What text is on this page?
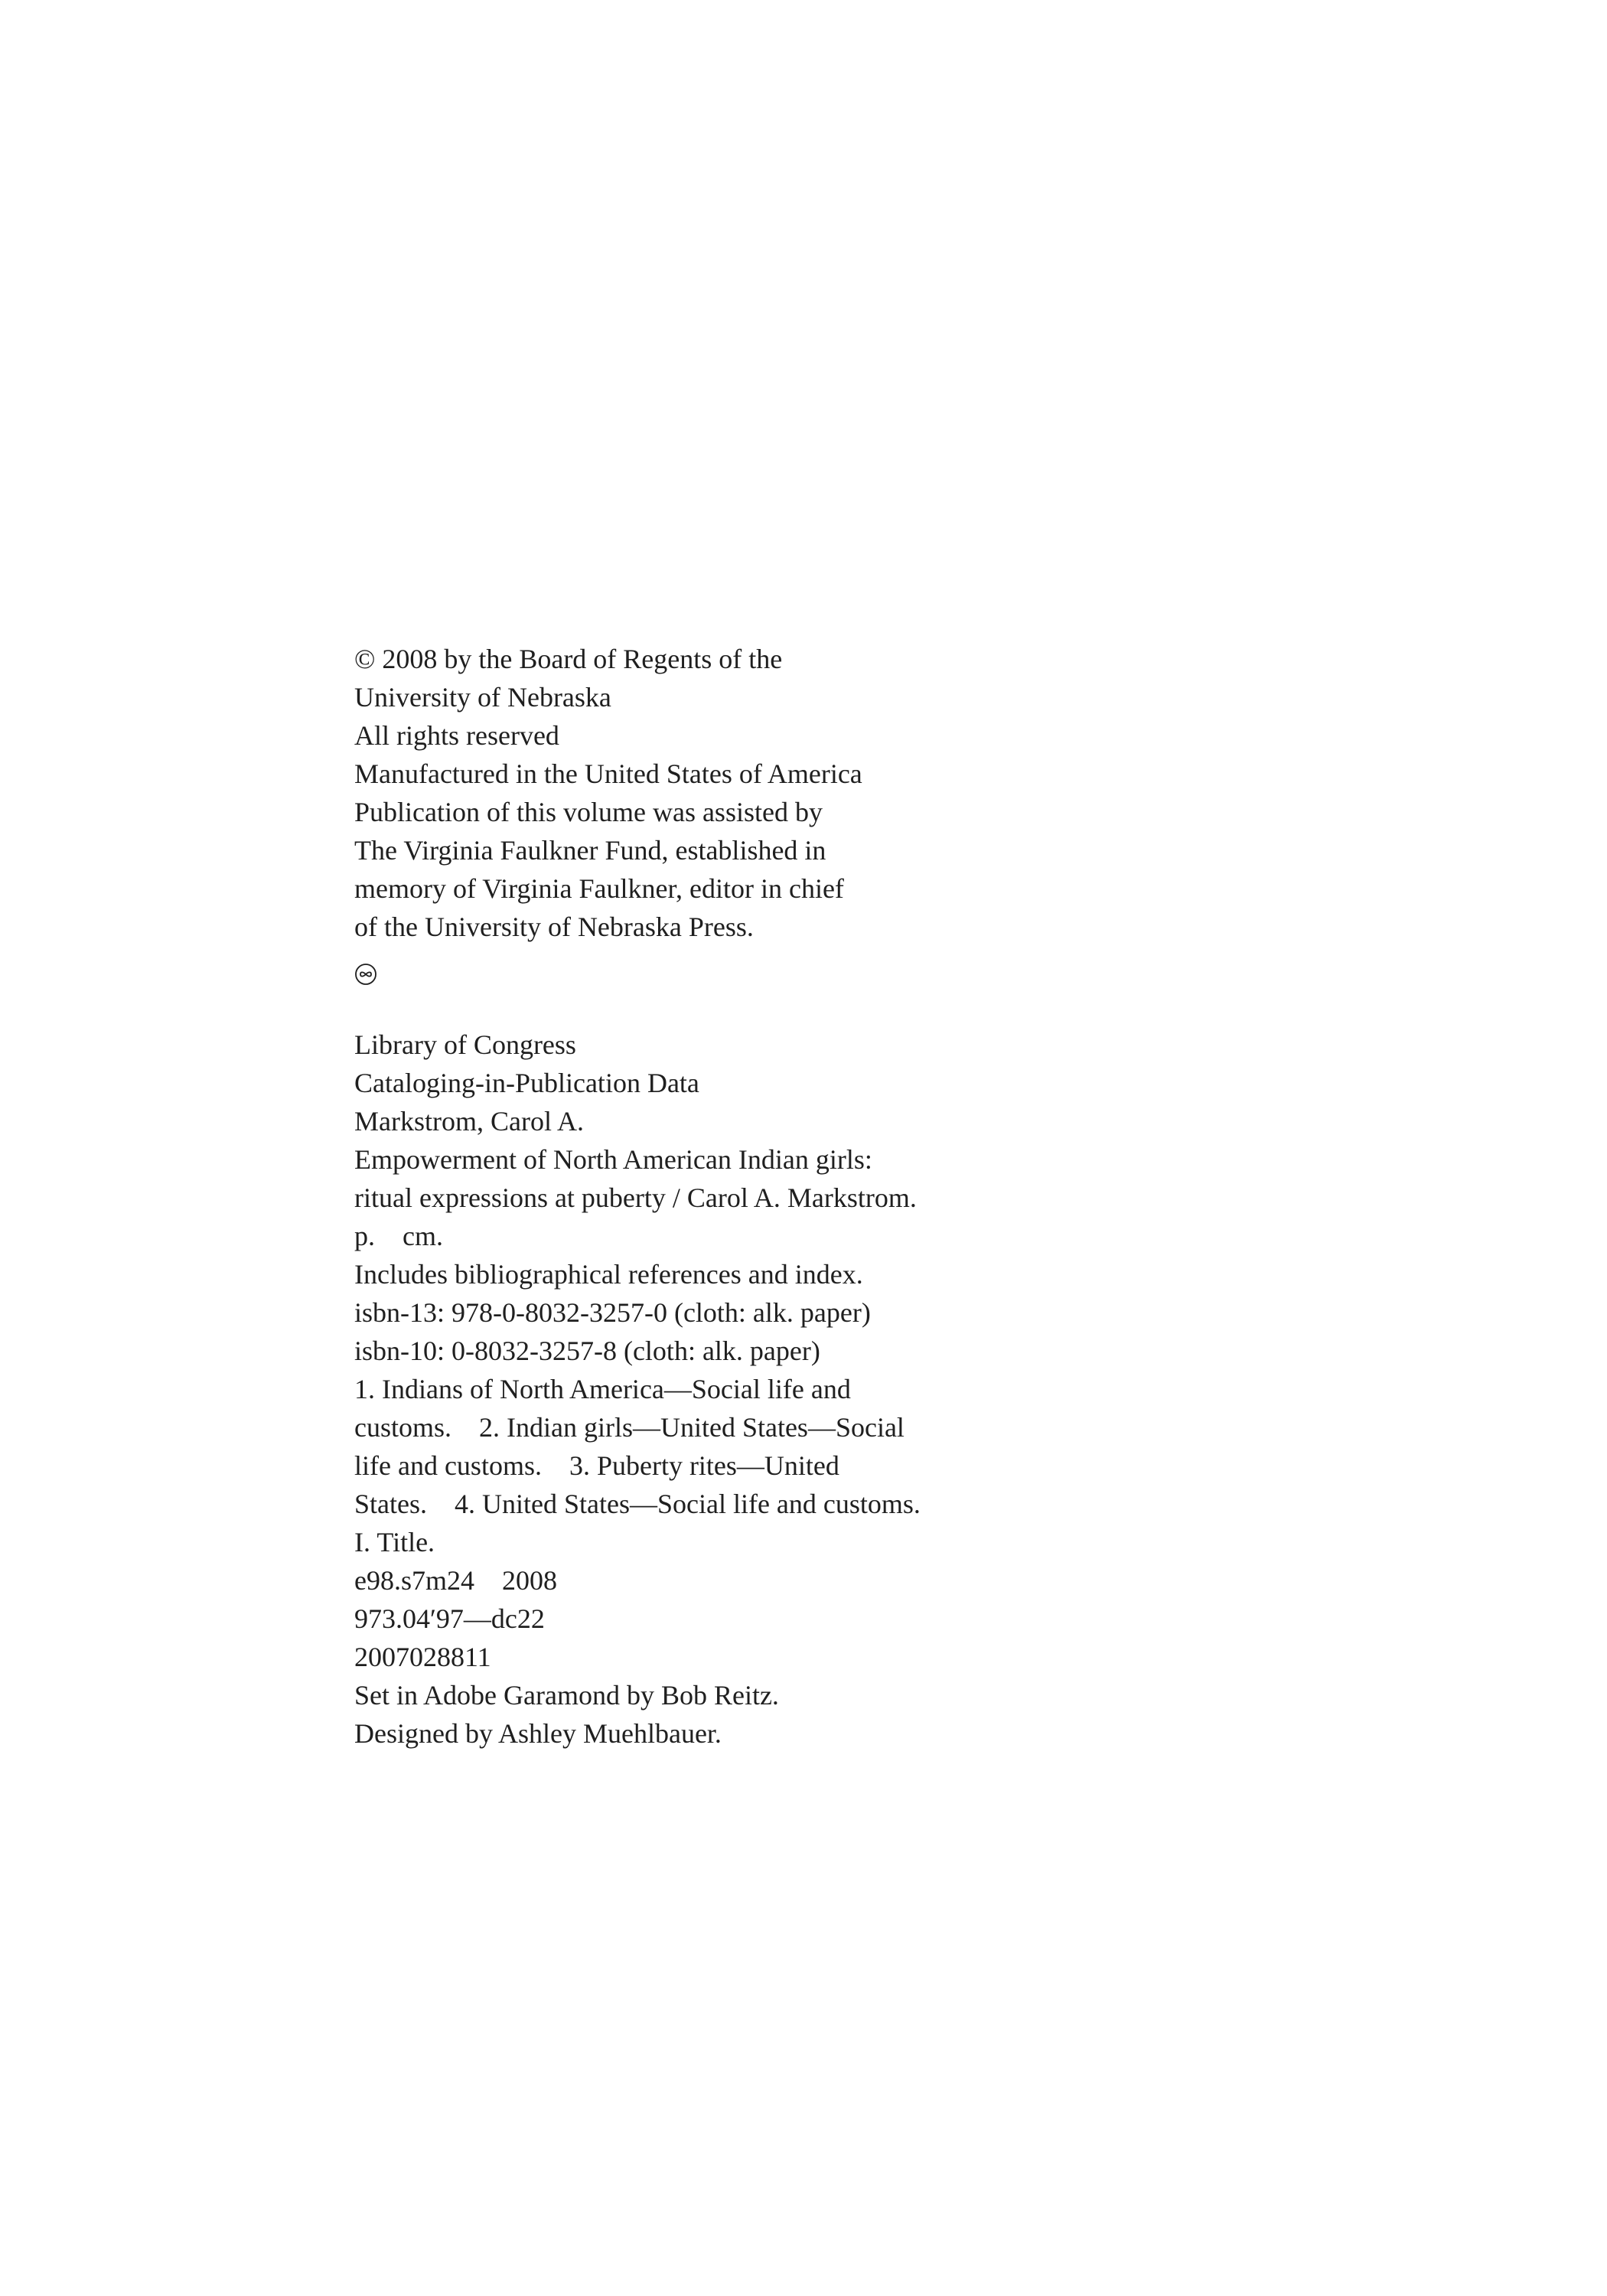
© 2008 by the Board of Regents of the
University of Nebraska
All rights reserved
Manufactured in the United States of America
Publication of this volume was assisted by
The Virginia Faulkner Fund, established in
memory of Virginia Faulkner, editor in chief
of the University of Nebraska Press.
Library of Congress
Cataloging-in-Publication Data
Markstrom, Carol A.
Empowerment of North American Indian girls:
ritual expressions at puberty / Carol A. Markstrom.
p.    cm.
Includes bibliographical references and index.
isbn-13: 978-0-8032-3257-0 (cloth: alk. paper)
isbn-10: 0-8032-3257-8 (cloth: alk. paper)
1. Indians of North America—Social life and
customs.    2. Indian girls—United States—Social
life and customs.    3. Puberty rites—United
States.    4. United States—Social life and customs.
I. Title.
e98.s7m24    2008
973.04′97—dc22
2007028811
Set in Adobe Garamond by Bob Reitz.
Designed by Ashley Muehlbauer.
